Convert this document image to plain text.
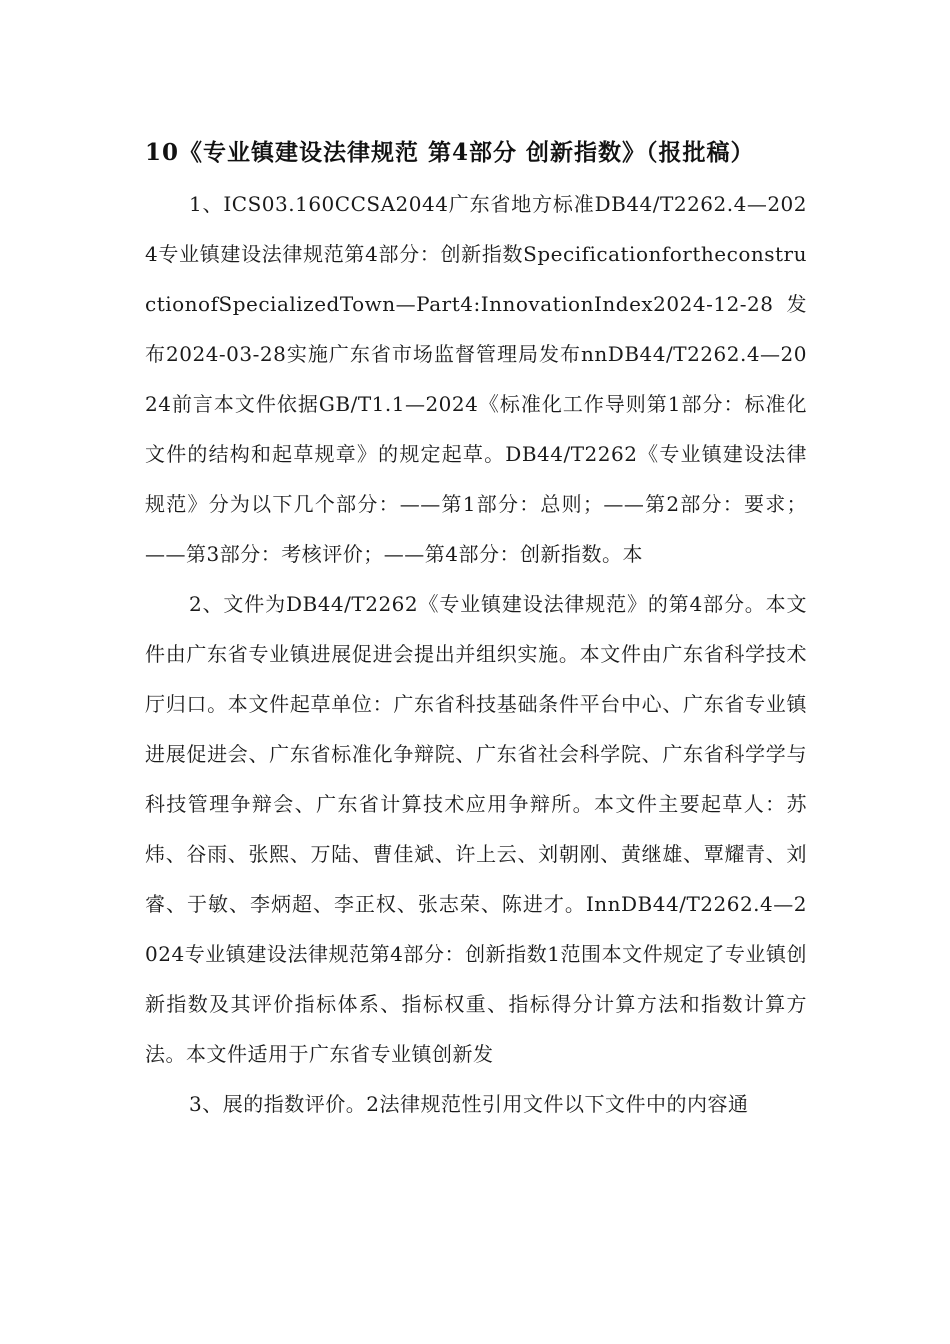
10《专业镇建设法律规范 第4部分 创新指数》（报批稿）

1、ICS03.160CCSA2044广东省地方标准DB44/T2262.4—2024专业镇建设法律规范第4部分：创新指数SpecificationfortheconstructionofSpecializedTown—Part4:InnovationIndex2024-12-28发布2024-03-28实施广东省市场监督管理局发布nnDB44/T2262.4—2024前言本文件依据GB/T1.1—2024《标准化工作导则第1部分：标准化文件的结构和起草规章》的规定起草。DB44/T2262《专业镇建设法律规范》分为以下几个部分：——第1部分：总则；——第2部分：要求；——第3部分：考核评价；——第4部分：创新指数。本

2、文件为DB44/T2262《专业镇建设法律规范》的第4部分。本文件由广东省专业镇进展促进会提出并组织实施。本文件由广东省科学技术厅归口。本文件起草单位：广东省科技基础条件平台中心、广东省专业镇进展促进会、广东省标准化争辩院、广东省社会科学院、广东省科学学与科技管理争辩会、广东省计算技术应用争辩所。本文件主要起草人：苏炜、谷雨、张熙、万陆、曹佳斌、许上云、刘朝刚、黄继雄、覃耀青、刘睿、于敏、李炳超、李正权、张志荣、陈进才。InnDB44/T2262.4—2024专业镇建设法律规范第4部分：创新指数1范围本文件规定了专业镇创新指数及其评价指标体系、指标权重、指标得分计算方法和指数计算方法。本文件适用于广东省专业镇创新发

3、展的指数评价。2法律规范性引用文件以下文件中的内容通
